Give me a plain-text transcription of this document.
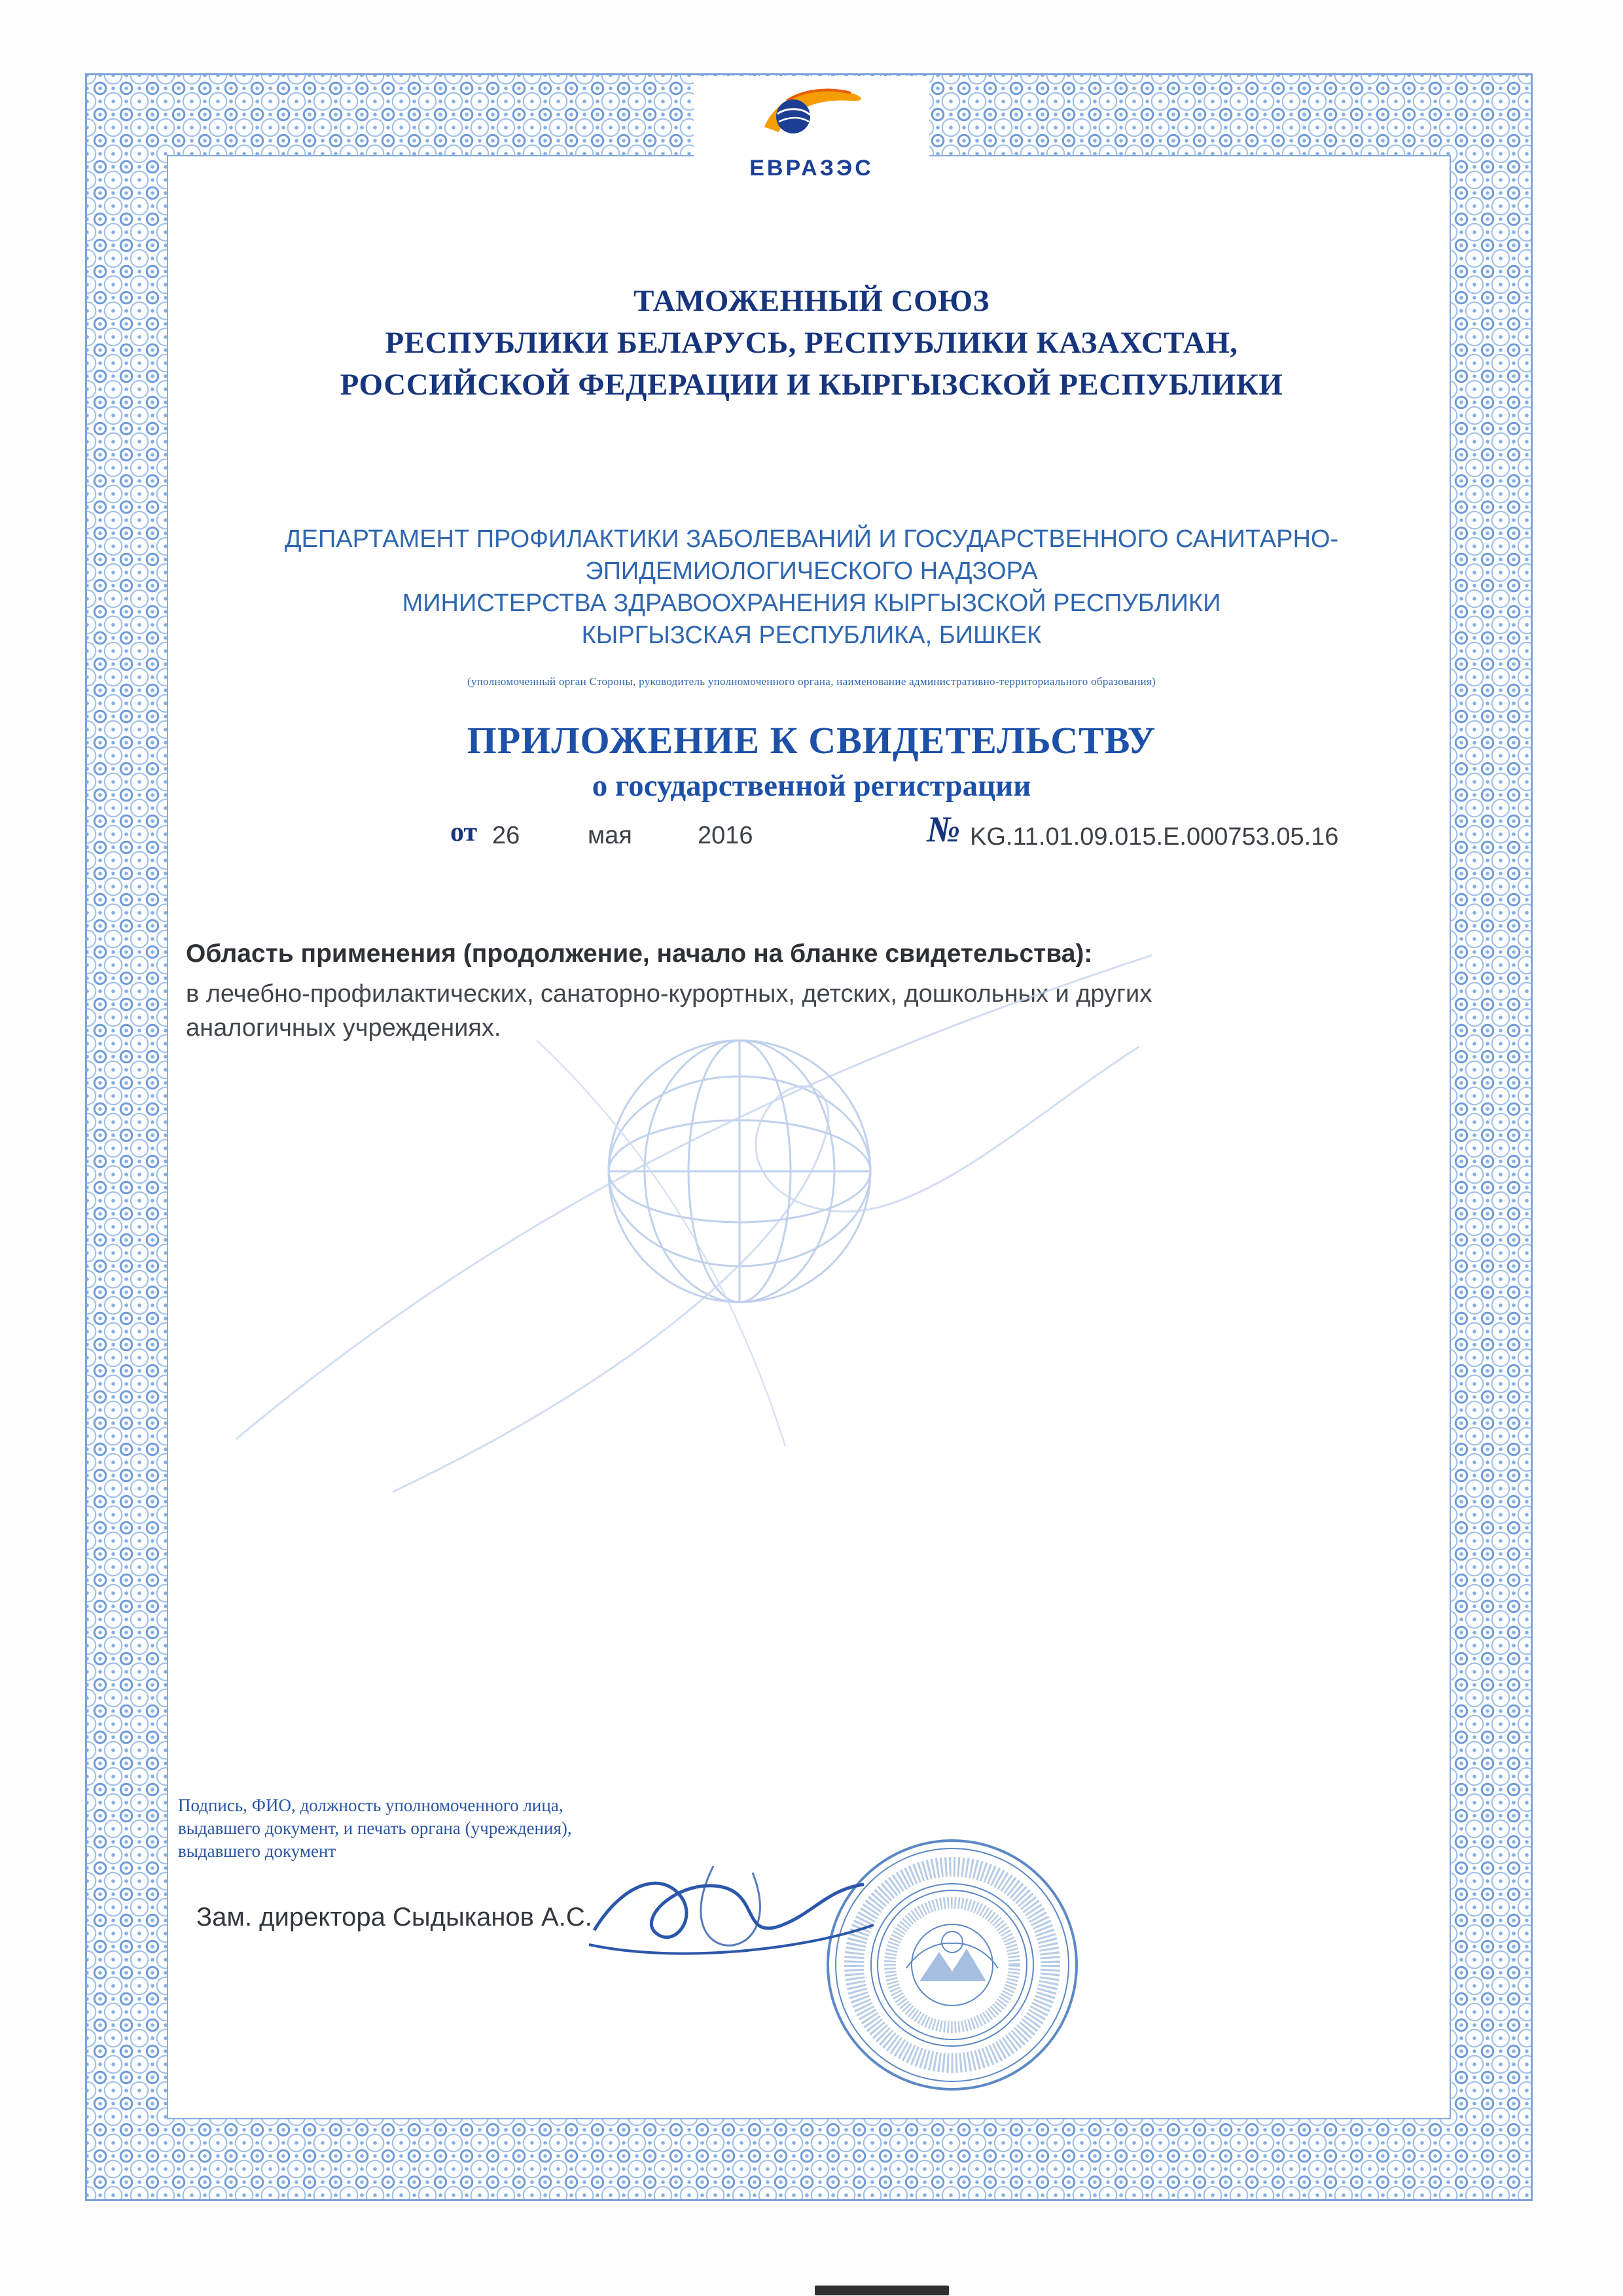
ЕВРАЗЭС
ТАМОЖЕННЫЙ СОЮЗ
РЕСПУБЛИКИ БЕЛАРУСЬ, РЕСПУБЛИКИ КАЗАХСТАН,
РОССИЙСКОЙ ФЕДЕРАЦИИ И КЫРГЫЗСКОЙ РЕСПУБЛИКИ
ДЕПАРТАМЕНТ ПРОФИЛАКТИКИ ЗАБОЛЕВАНИЙ И ГОСУДАРСТВЕННОГО САНИТАРНО-
ЭПИДЕМИОЛОГИЧЕСКОГО НАДЗОРА
МИНИСТЕРСТВА ЗДРАВООХРАНЕНИЯ КЫРГЫЗСКОЙ РЕСПУБЛИКИ
КЫРГЫЗСКАЯ РЕСПУБЛИКА, БИШКЕК
(уполномоченный орган Стороны, руководитель уполномоченного органа, наименование административно-территориального образования)
ПРИЛОЖЕНИЕ К СВИДЕТЕЛЬСТВУ
о государственной регистрации
от 26	мая	2016	№ KG.11.01.09.015.E.000753.05.16
Область применения (продолжение, начало на бланке свидетельства):
в лечебно-профилактических, санаторно-курортных, детских, дошкольных и других
аналогичных учреждениях.
Подпись, ФИО, должность уполномоченного лица,
выдавшего документ, и печать органа (учреждения),
выдавшего документ
Зам. директора Сыдыканов А.С.
